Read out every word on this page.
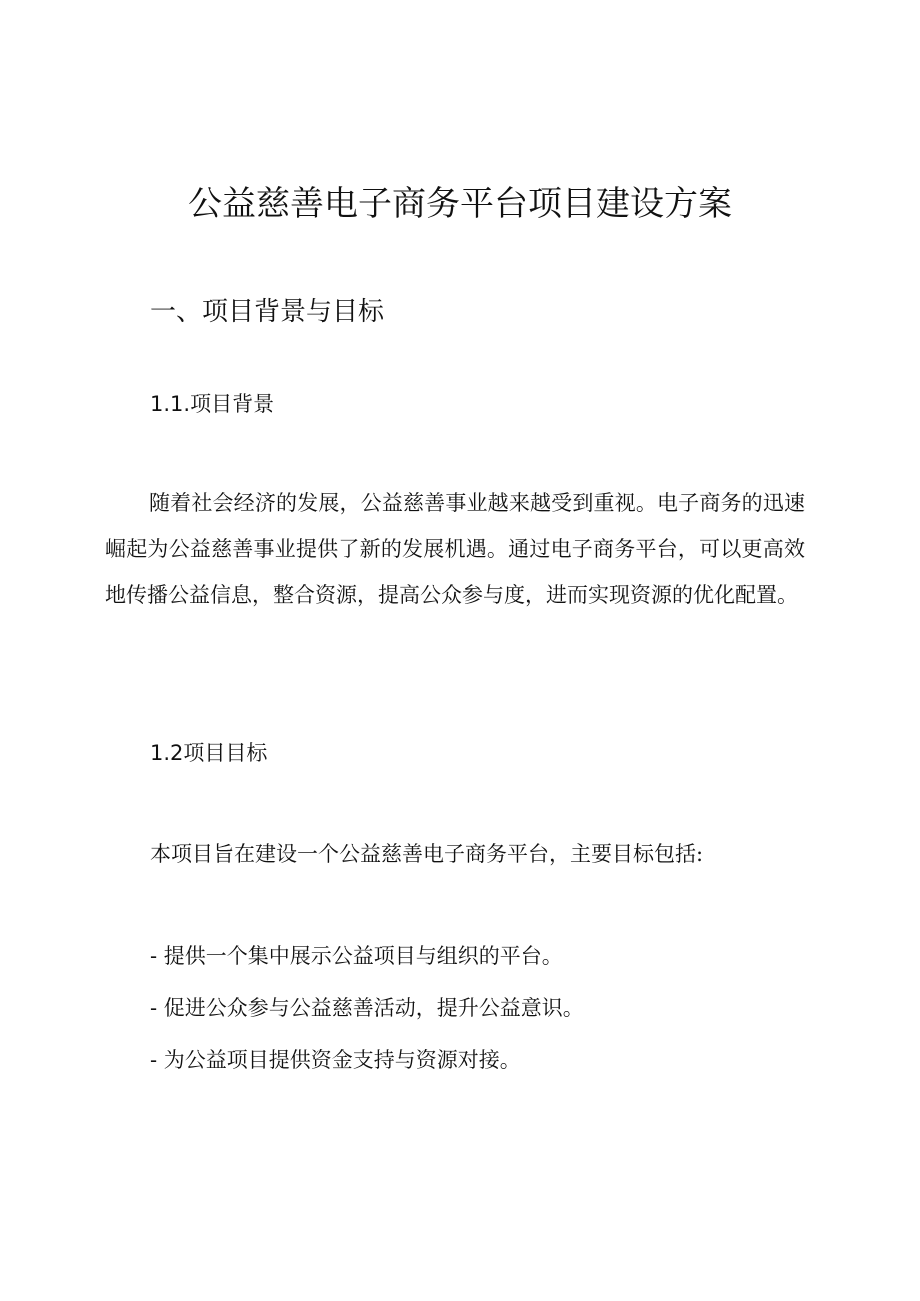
公益慈善电子商务平台项目建设方案
一、项目背景与目标
1.1.项目背景

随着社会经济的发展，公益慈善事业越来越受到重视。电子商务的迅速崛起为公益慈善事业提供了新的发展机遇。通过电子商务平台，可以更高效地传播公益信息，整合资源，提高公众参与度，进而实现资源的优化配置。

1.2项目目标

本项目旨在建设一个公益慈善电子商务平台，主要目标包括:

- 提供一个集中展示公益项目与组织的平台。
- 促进公众参与公益慈善活动，提升公益意识。
- 为公益项目提供资金支持与资源对接。
